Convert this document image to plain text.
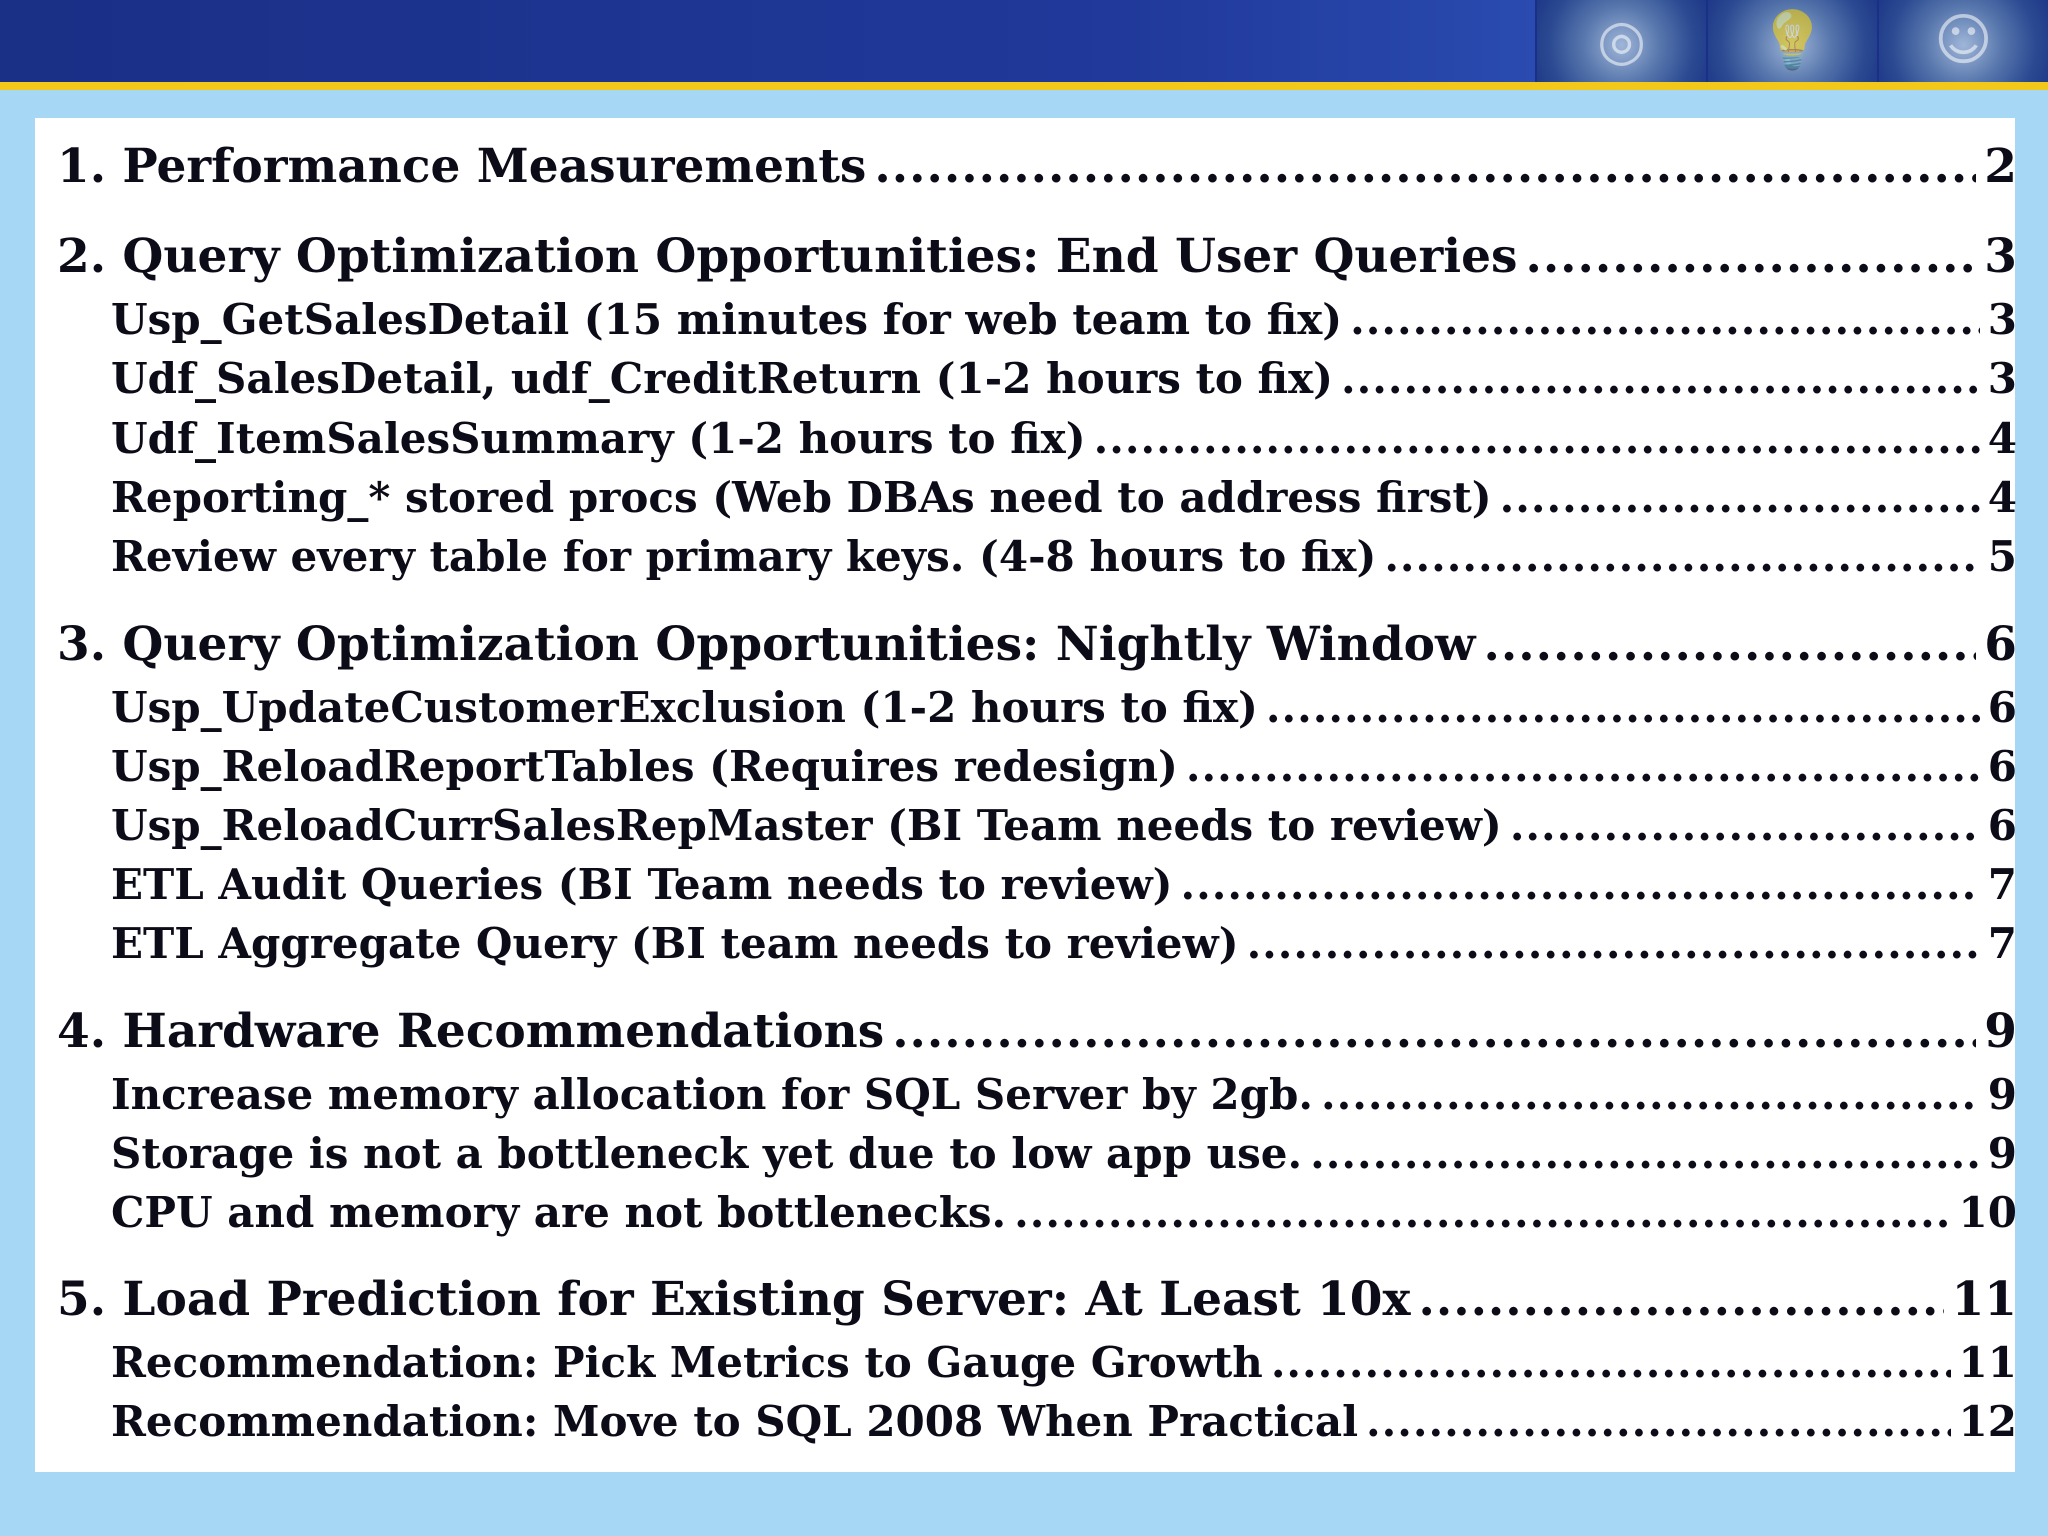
◎	💡	☺
1. Performance Measurements .....	2
2. Query Optimization Opportunities: End User Queries .....	3
Usp_GetSalesDetail (15 minutes for web team to fix) .....	3
Udf_SalesDetail, udf_CreditReturn (1-2 hours to fix) .....	3
Udf_ItemSalesSummary (1-2 hours to fix) .....	4
Reporting_* stored procs (Web DBAs need to address first) .....	4
Review every table for primary keys. (4-8 hours to fix) .....	5
3. Query Optimization Opportunities: Nightly Window .....	6
Usp_UpdateCustomerExclusion (1-2 hours to fix) .....	6
Usp_ReloadReportTables (Requires redesign) .....	6
Usp_ReloadCurrSalesRepMaster (BI Team needs to review) .....	6
ETL Audit Queries (BI Team needs to review) .....	7
ETL Aggregate Query (BI team needs to review) .....	7
4. Hardware Recommendations .....	9
Increase memory allocation for SQL Server by 2gb. .....	9
Storage is not a bottleneck yet due to low app use. .....	9
CPU and memory are not bottlenecks. .....	10
5. Load Prediction for Existing Server: At Least 10x .....	11
Recommendation: Pick Metrics to Gauge Growth .....	11
Recommendation: Move to SQL 2008 When Practical .....	12
